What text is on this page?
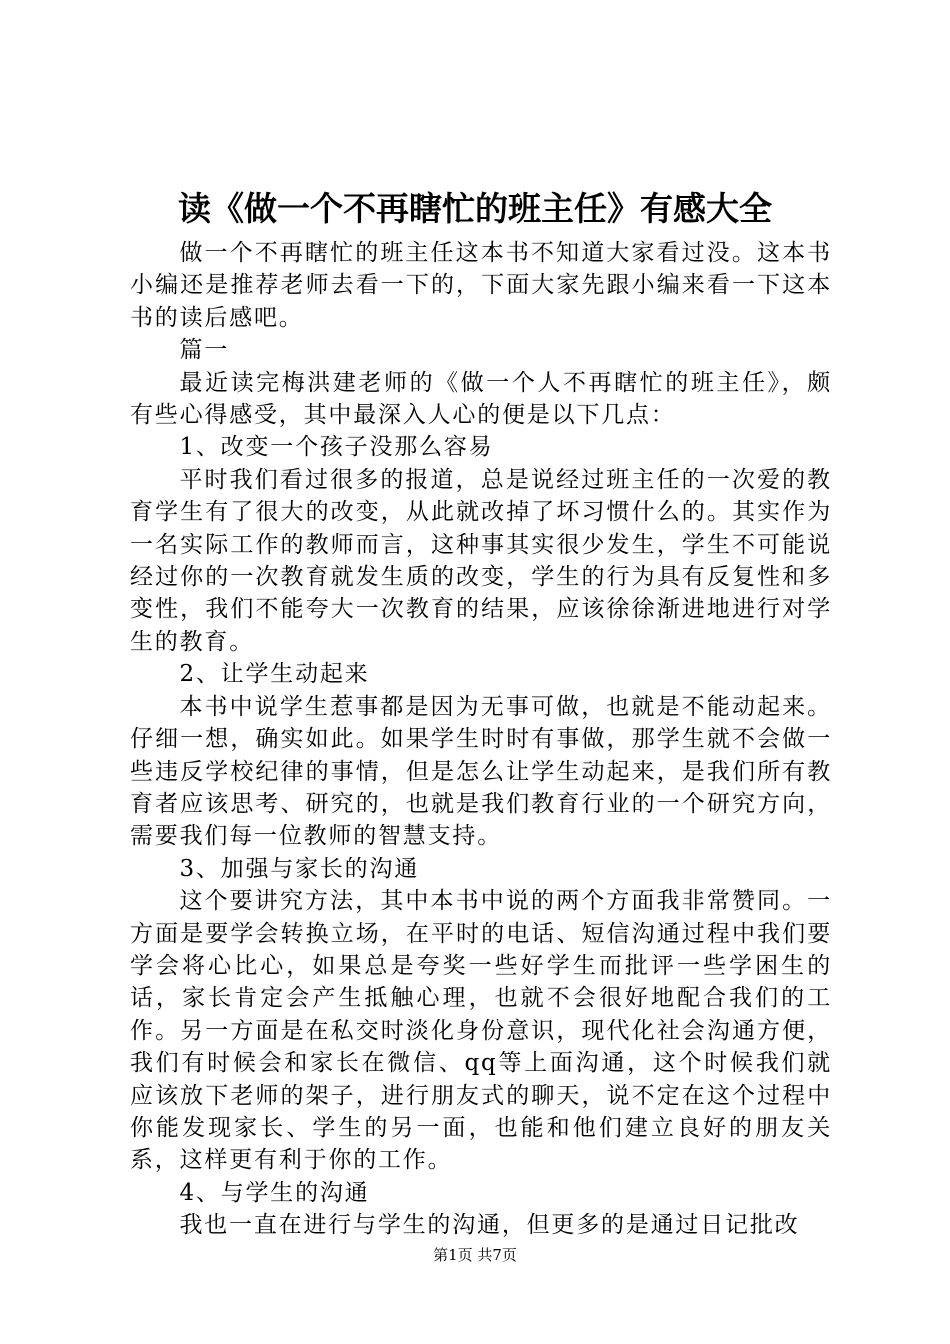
读《做一个不再瞎忙的班主任》有感大全

做一个不再瞎忙的班主任这本书不知道大家看过没。这本书小编还是推荐老师去看一下的，下面大家先跟小编来看一下这本书的读后感吧。

篇一

最近读完梅洪建老师的《做一个人不再瞎忙的班主任》，颇有些心得感受，其中最深入人心的便是以下几点：

1、改变一个孩子没那么容易

平时我们看过很多的报道，总是说经过班主任的一次爱的教育学生有了很大的改变，从此就改掉了坏习惯什么的。其实作为一名实际工作的教师而言，这种事其实很少发生，学生不可能说经过你的一次教育就发生质的改变，学生的行为具有反复性和多变性，我们不能夸大一次教育的结果，应该徐徐渐进地进行对学生的教育。

2、让学生动起来

本书中说学生惹事都是因为无事可做，也就是不能动起来。仔细一想，确实如此。如果学生时时有事做，那学生就不会做一些违反学校纪律的事情，但是怎么让学生动起来，是我们所有教育者应该思考、研究的，也就是我们教育行业的一个研究方向，需要我们每一位教师的智慧支持。

3、加强与家长的沟通

这个要讲究方法，其中本书中说的两个方面我非常赞同。一方面是要学会转换立场，在平时的电话、短信沟通过程中我们要学会将心比心，如果总是夸奖一些好学生而批评一些学困生的话，家长肯定会产生抵触心理，也就不会很好地配合我们的工作。另一方面是在私交时淡化身份意识，现代化社会沟通方便，我们有时候会和家长在微信、qq等上面沟通，这个时候我们就应该放下老师的架子，进行朋友式的聊天，说不定在这个过程中你能发现家长、学生的另一面，也能和他们建立良好的朋友关系，这样更有利于你的工作。

4、与学生的沟通

我也一直在进行与学生的沟通，但更多的是通过日记批改

第1页 共7页
